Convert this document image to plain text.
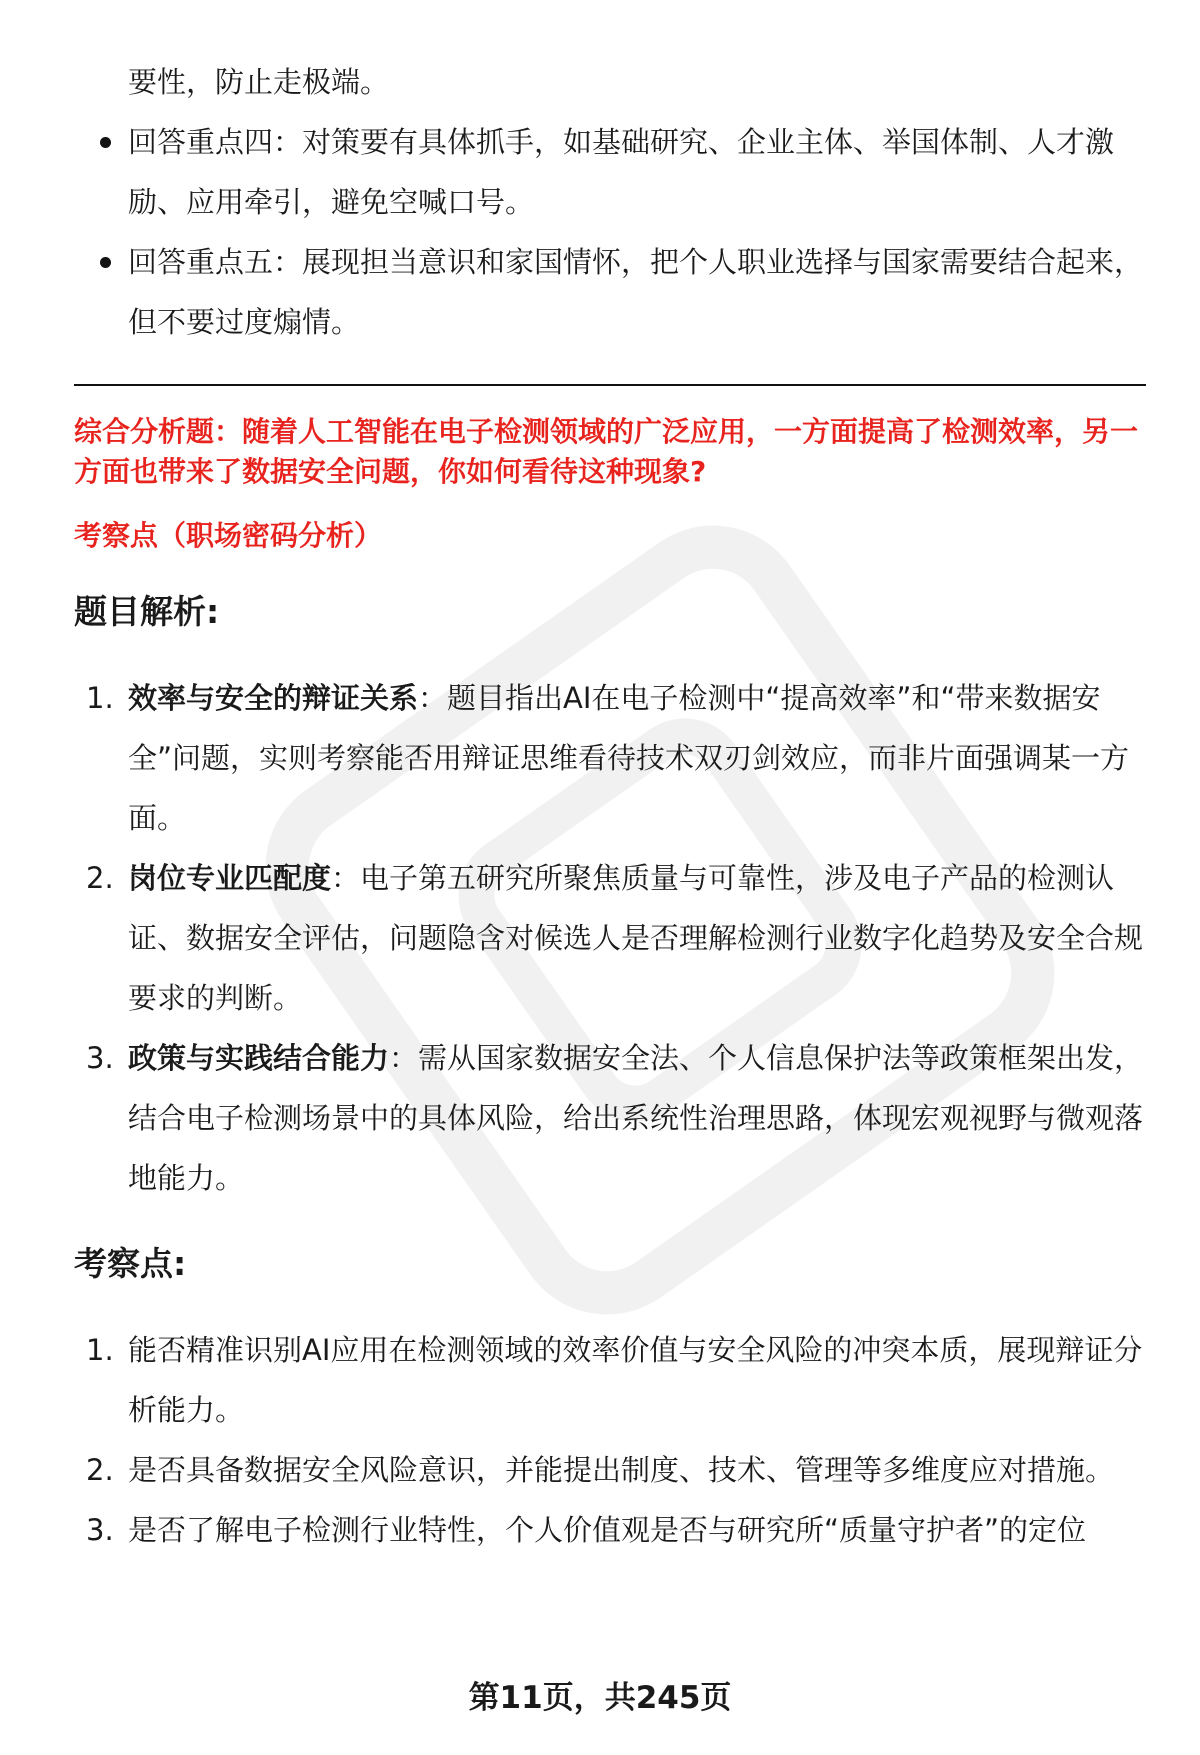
要性，防止走极端。
回答重点四：对策要有具体抓手，如基础研究、企业主体、举国体制、人才激励、应用牵引，避免空喊口号。
回答重点五：展现担当意识和家国情怀，把个人职业选择与国家需要结合起来，但不要过度煽情。
综合分析题：随着人工智能在电子检测领域的广泛应用，一方面提高了检测效率，另一方面也带来了数据安全问题，你如何看待这种现象?
考察点（职场密码分析）
题目解析:
1. 效率与安全的辩证关系：题目指出AI在电子检测中“提高效率”和“带来数据安全”问题，实则考察能否用辩证思维看待技术双刃剑效应，而非片面强调某一方面。
2. 岗位专业匹配度：电子第五研究所聚焦质量与可靠性，涉及电子产品的检测认证、数据安全评估，问题隐含对候选人是否理解检测行业数字化趋势及安全合规要求的判断。
3. 政策与实践结合能力：需从国家数据安全法、个人信息保护法等政策框架出发，结合电子检测场景中的具体风险，给出系统性治理思路，体现宏观视野与微观落地能力。
考察点:
1. 能否精准识别AI应用在检测领域的效率价值与安全风险的冲突本质，展现辩证分析能力。
2. 是否具备数据安全风险意识，并能提出制度、技术、管理等多维度应对措施。
3. 是否了解电子检测行业特性，个人价值观是否与研究所“质量守护者”的定位
第11页，共245页
